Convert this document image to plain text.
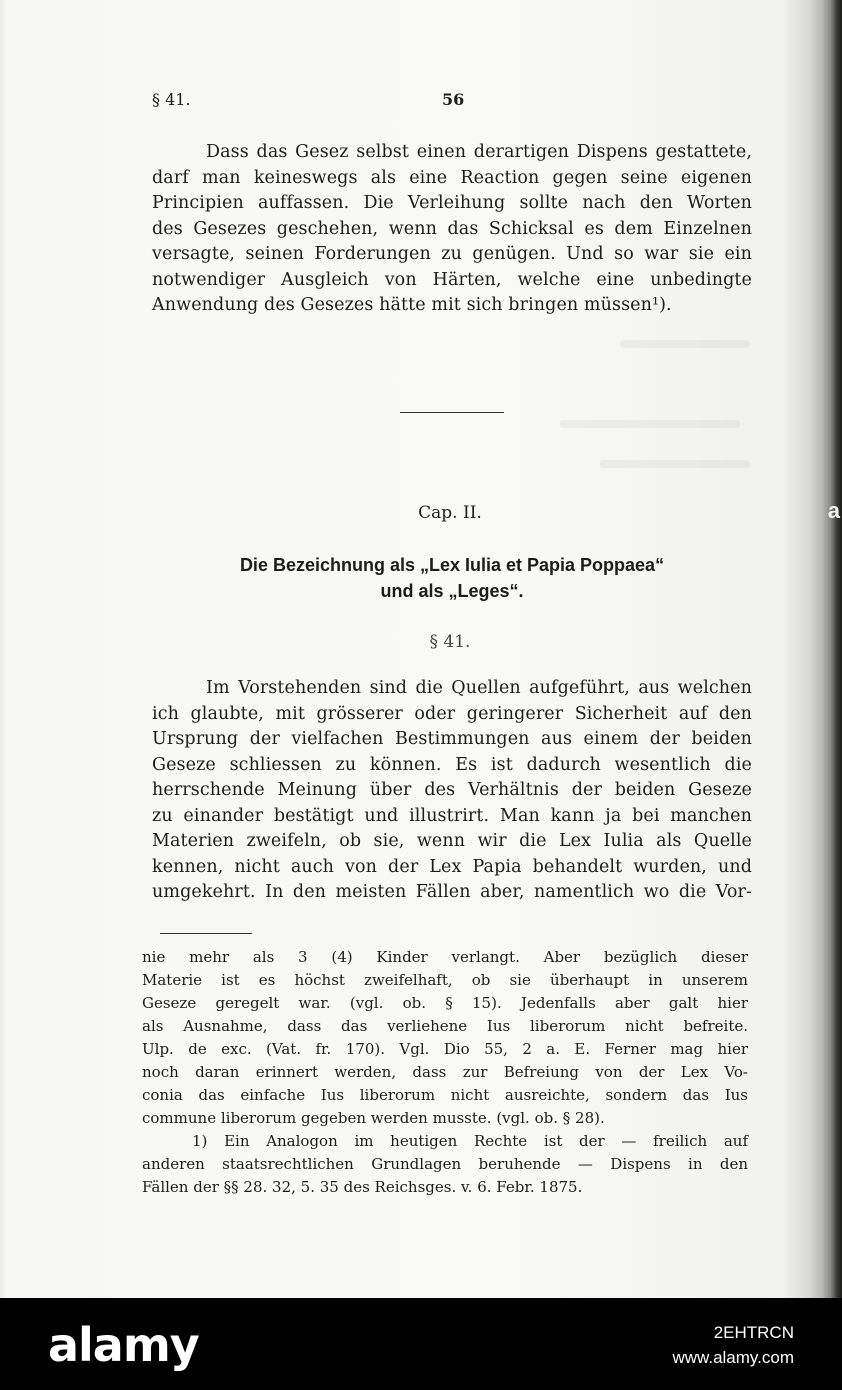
§ 41.	56
Dass das Gesez selbst einen derartigen Dispens gestattete,
darf man keineswegs als eine Reaction gegen seine eigenen
Principien auffassen. Die Verleihung sollte nach den Worten
des Gesezes geschehen, wenn das Schicksal es dem Einzelnen
versagte, seinen Forderungen zu genügen. Und so war sie ein
notwendiger Ausgleich von Härten, welche eine unbedingte
Anwendung des Gesezes hätte mit sich bringen müssen¹).
Cap. II.
Die Bezeichnung als „Lex Iulia et Papia Poppaea“
und als „Leges“.
§ 41.
Im Vorstehenden sind die Quellen aufgeführt, aus welchen
ich glaubte, mit grösserer oder geringerer Sicherheit auf den
Ursprung der vielfachen Bestimmungen aus einem der beiden
Geseze schliessen zu können. Es ist dadurch wesentlich die
herrschende Meinung über des Verhältnis der beiden Geseze
zu einander bestätigt und illustrirt. Man kann ja bei manchen
Materien zweifeln, ob sie, wenn wir die Lex Iulia als Quelle
kennen, nicht auch von der Lex Papia behandelt wurden, und
umgekehrt. In den meisten Fällen aber, namentlich wo die Vor-
nie mehr als 3 (4) Kinder verlangt. Aber bezüglich dieser
Materie ist es höchst zweifelhaft, ob sie überhaupt in unserem
Geseze geregelt war. (vgl. ob. § 15). Jedenfalls aber galt hier
als Ausnahme, dass das verliehene Ius liberorum nicht befreite.
Ulp. de exc. (Vat. fr. 170). Vgl. Dio 55, 2 a. E. Ferner mag hier
noch daran erinnert werden, dass zur Befreiung von der Lex Vo-
conia das einfache Ius liberorum nicht ausreichte, sondern das Ius
commune liberorum gegeben werden musste. (vgl. ob. § 28).
1) Ein Analogon im heutigen Rechte ist der — freilich auf
anderen staatsrechtlichen Grundlagen beruhende — Dispens in den
Fällen der §§ 28. 32, 5. 35 des Reichsges. v. 6. Febr. 1875.
a
alamy	2EHTRCN
www.alamy.com
